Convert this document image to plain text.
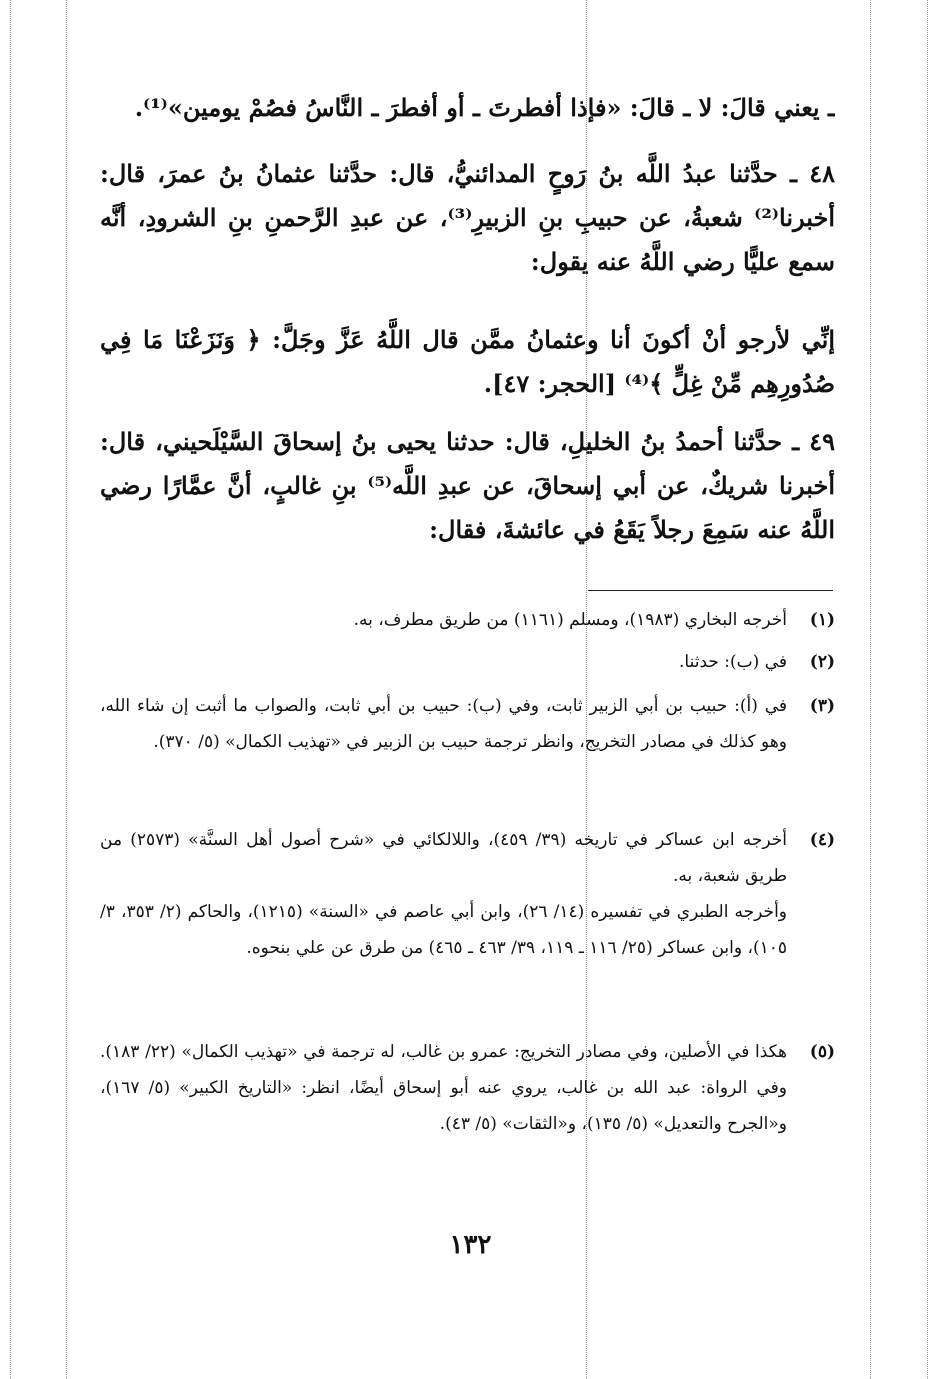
ـ يعني قالَ: لا ـ قالَ: «فإذا أفطرتَ ـ أو أفطرَ ـ النَّاسُ فصُمْ يومين»⁽¹⁾.
٤٨ ـ حدَّثنا عبدُ اللَّه بنُ رَوحٍ المدائنيُّ، قال: حدَّثنا عثمانُ بنُ عمرَ، قال: أخبرنا⁽²⁾ شعبةُ، عن حبيبِ بنِ الزبيرِ⁽³⁾، عن عبدِ الرَّحمنِ بنِ الشرودِ، أنَّه سمع عليًّا رضي اللَّهُ عنه يقول:
إنِّي لأرجو أنْ أكونَ أنا وعثمانُ ممَّن قال اللَّهُ عَزَّ وجَلَّ: ﴿ وَنَزَعْنَا مَا فِي صُدُورِهِم مِّنْ غِلٍّ ﴾⁽⁴⁾ [الحجر: ٤٧].
٤٩ ـ حدَّثنا أحمدُ بنُ الخليلِ، قال: حدثنا يحيى بنُ إسحاقَ السَّيْلَحيني، قال: أخبرنا شريكٌ، عن أبي إسحاقَ، عن عبدِ اللَّه⁽⁵⁾ بنِ غالبٍ، أنَّ عمَّارًا رضي اللَّهُ عنه سَمِعَ رجلاً يَقَعُ في عائشةَ، فقال:
(١)
أخرجه البخاري (١٩٨٣)، ومسلم (١١٦١) من طريق مطرف، به.
(٢)
في (ب): حدثنا.
(٣)
في (أ): حبيب بن أبي الزبير ثابت، وفي (ب): حبيب بن أبي ثابت، والصواب ما أثبت إن شاء الله، وهو كذلك في مصادر التخريج، وانظر ترجمة حبيب بن الزبير في «تهذيب الكمال» (٥/ ٣٧٠).
(٤)
أخرجه ابن عساكر في تاريخه (٣٩/ ٤٥٩)، واللالكائي في «شرح أصول أهل السنَّة» (٢٥٧٣) من طريق شعبة، به.
وأخرجه الطبري في تفسيره (١٤/ ٢٦)، وابن أبي عاصم في «السنة» (١٢١٥)، والحاكم (٢/ ٣٥٣، ٣/ ١٠٥)، وابن عساكر (٢٥/ ١١٦ ـ ١١٩، ٣٩/ ٤٦٣ ـ ٤٦٥) من طرق عن علي بنحوه.
(٥)
هكذا في الأصلين، وفي مصادر التخريج: عمرو بن غالب، له ترجمة في «تهذيب الكمال» (٢٢/ ١٨٣). وفي الرواة: عبد الله بن غالب، يروي عنه أبو إسحاق أيضًا، انظر: «التاريخ الكبير» (٥/ ١٦٧)، و«الجرح والتعديل» (٥/ ١٣٥)، و«الثقات» (٥/ ٤٣).
١٣٢
